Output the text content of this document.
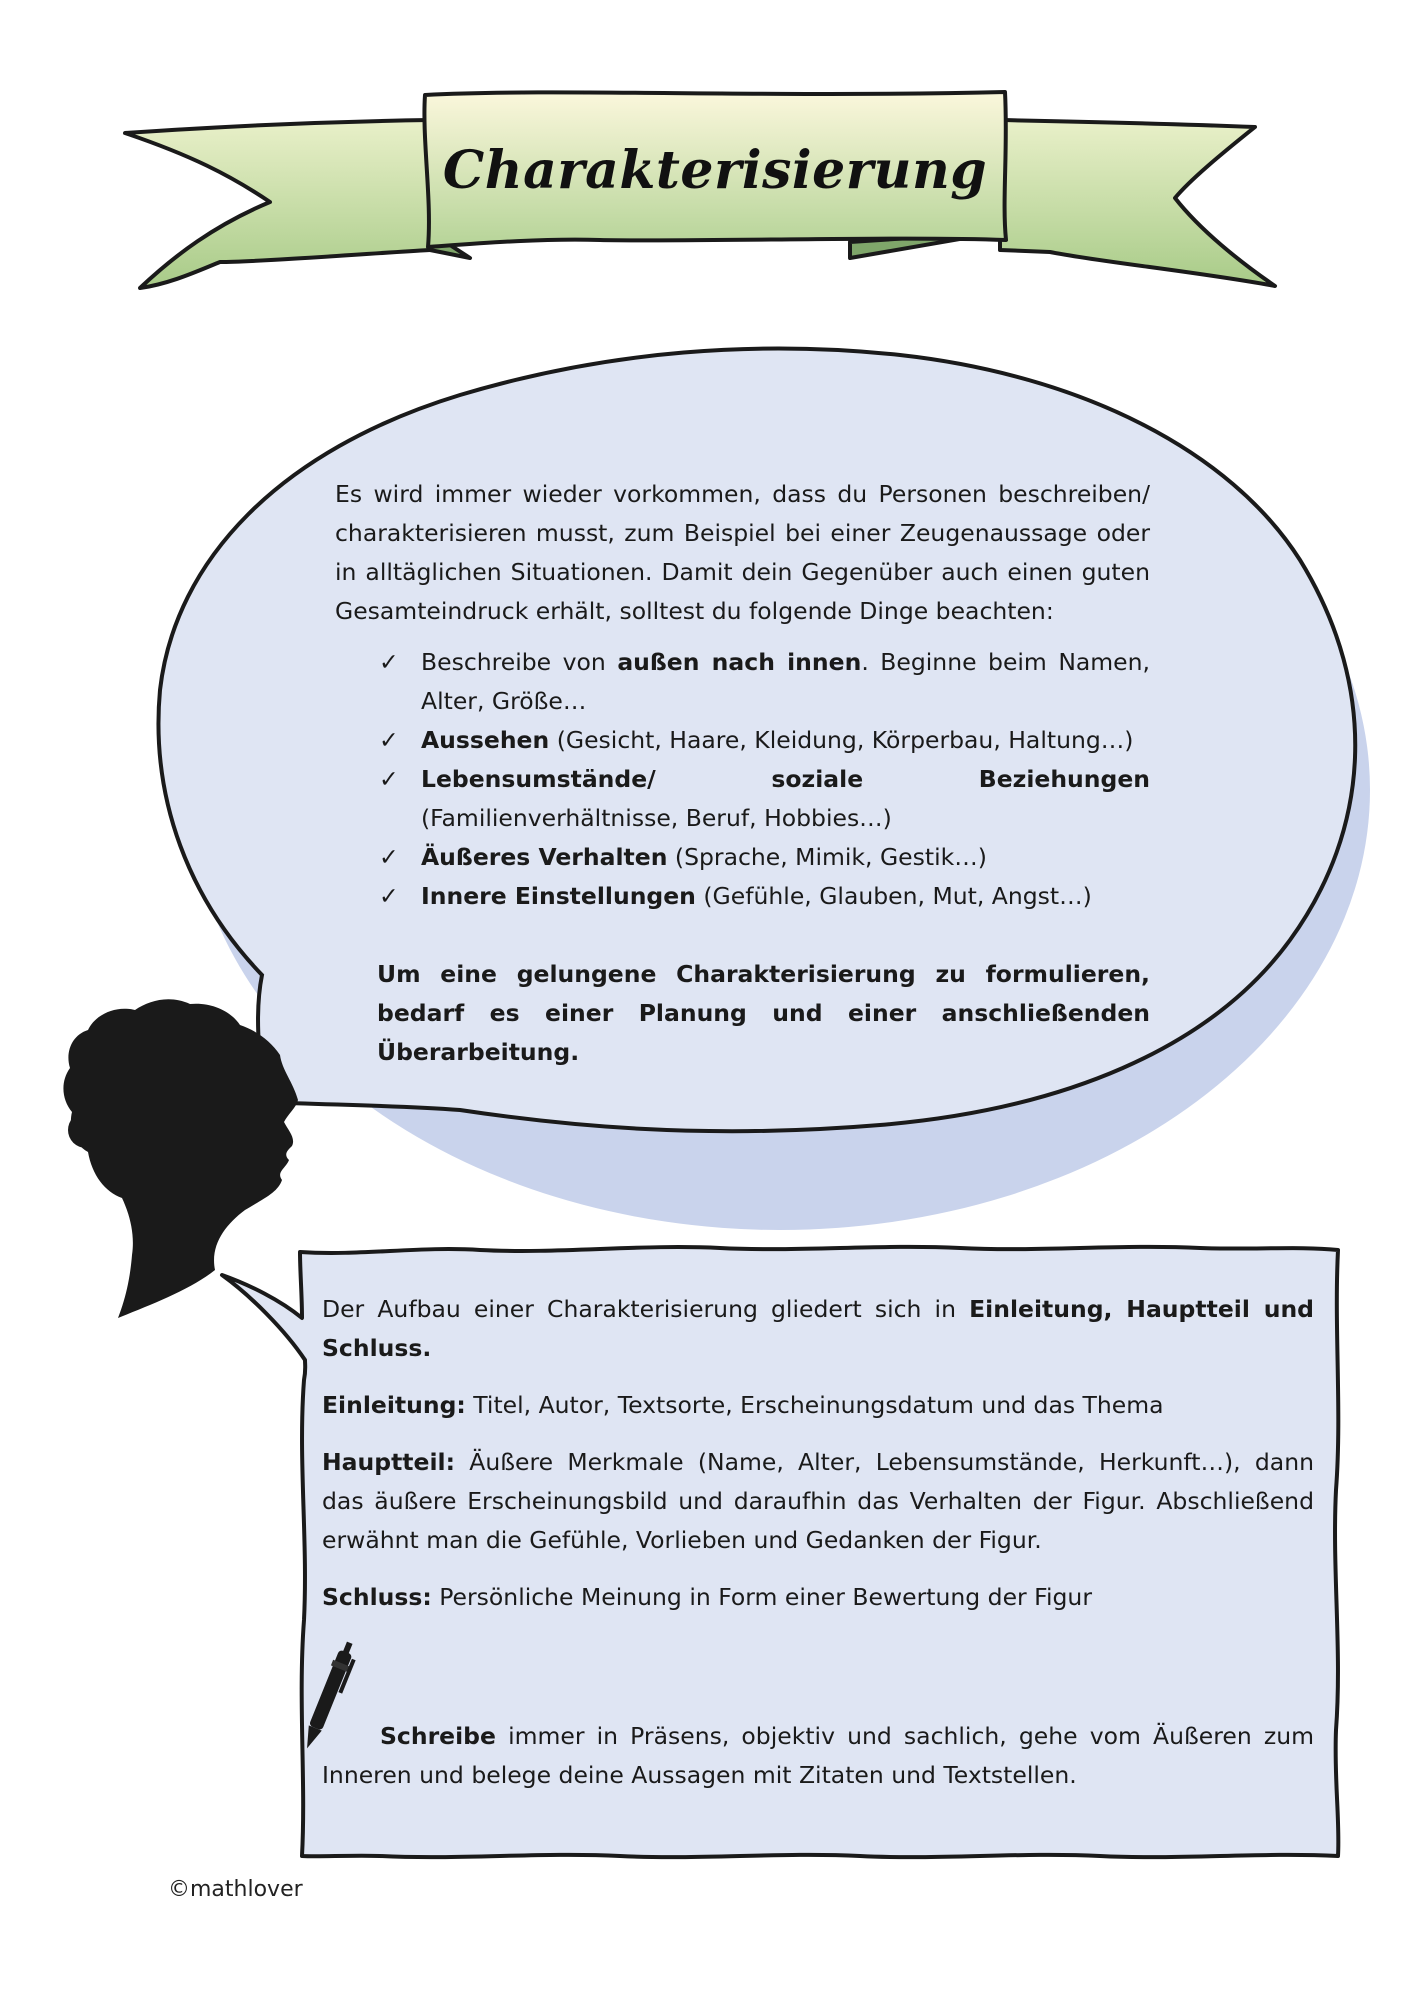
Charakterisierung

Es wird immer wieder vorkommen, dass du Personen beschreiben/ charakterisieren musst, zum Beispiel bei einer Zeugenaussage oder in alltäglichen Situationen. Damit dein Gegenüber auch einen guten Gesamteindruck erhält, solltest du folgende Dinge beachten:

✓ Beschreibe von außen nach innen. Beginne beim Namen, Alter, Größe…
✓ Aussehen (Gesicht, Haare, Kleidung, Körperbau, Haltung…)
✓ Lebensumstände/ soziale Beziehungen (Familienverhältnisse, Beruf, Hobbies…)
✓ Äußeres Verhalten (Sprache, Mimik, Gestik…)
✓ Innere Einstellungen (Gefühle, Glauben, Mut, Angst…)

Um eine gelungene Charakterisierung zu formulieren, bedarf es einer Planung und einer anschließenden Überarbeitung.

Der Aufbau einer Charakterisierung gliedert sich in Einleitung, Hauptteil und Schluss.

Einleitung: Titel, Autor, Textsorte, Erscheinungsdatum und das Thema

Hauptteil: Äußere Merkmale (Name, Alter, Lebensumstände, Herkunft…), dann das äußere Erscheinungsbild und daraufhin das Verhalten der Figur. Abschließend erwähnt man die Gefühle, Vorlieben und Gedanken der Figur.

Schluss: Persönliche Meinung in Form einer Bewertung der Figur

Schreibe immer in Präsens, objektiv und sachlich, gehe vom Äußeren zum Inneren und belege deine Aussagen mit Zitaten und Textstellen.

©mathlover
